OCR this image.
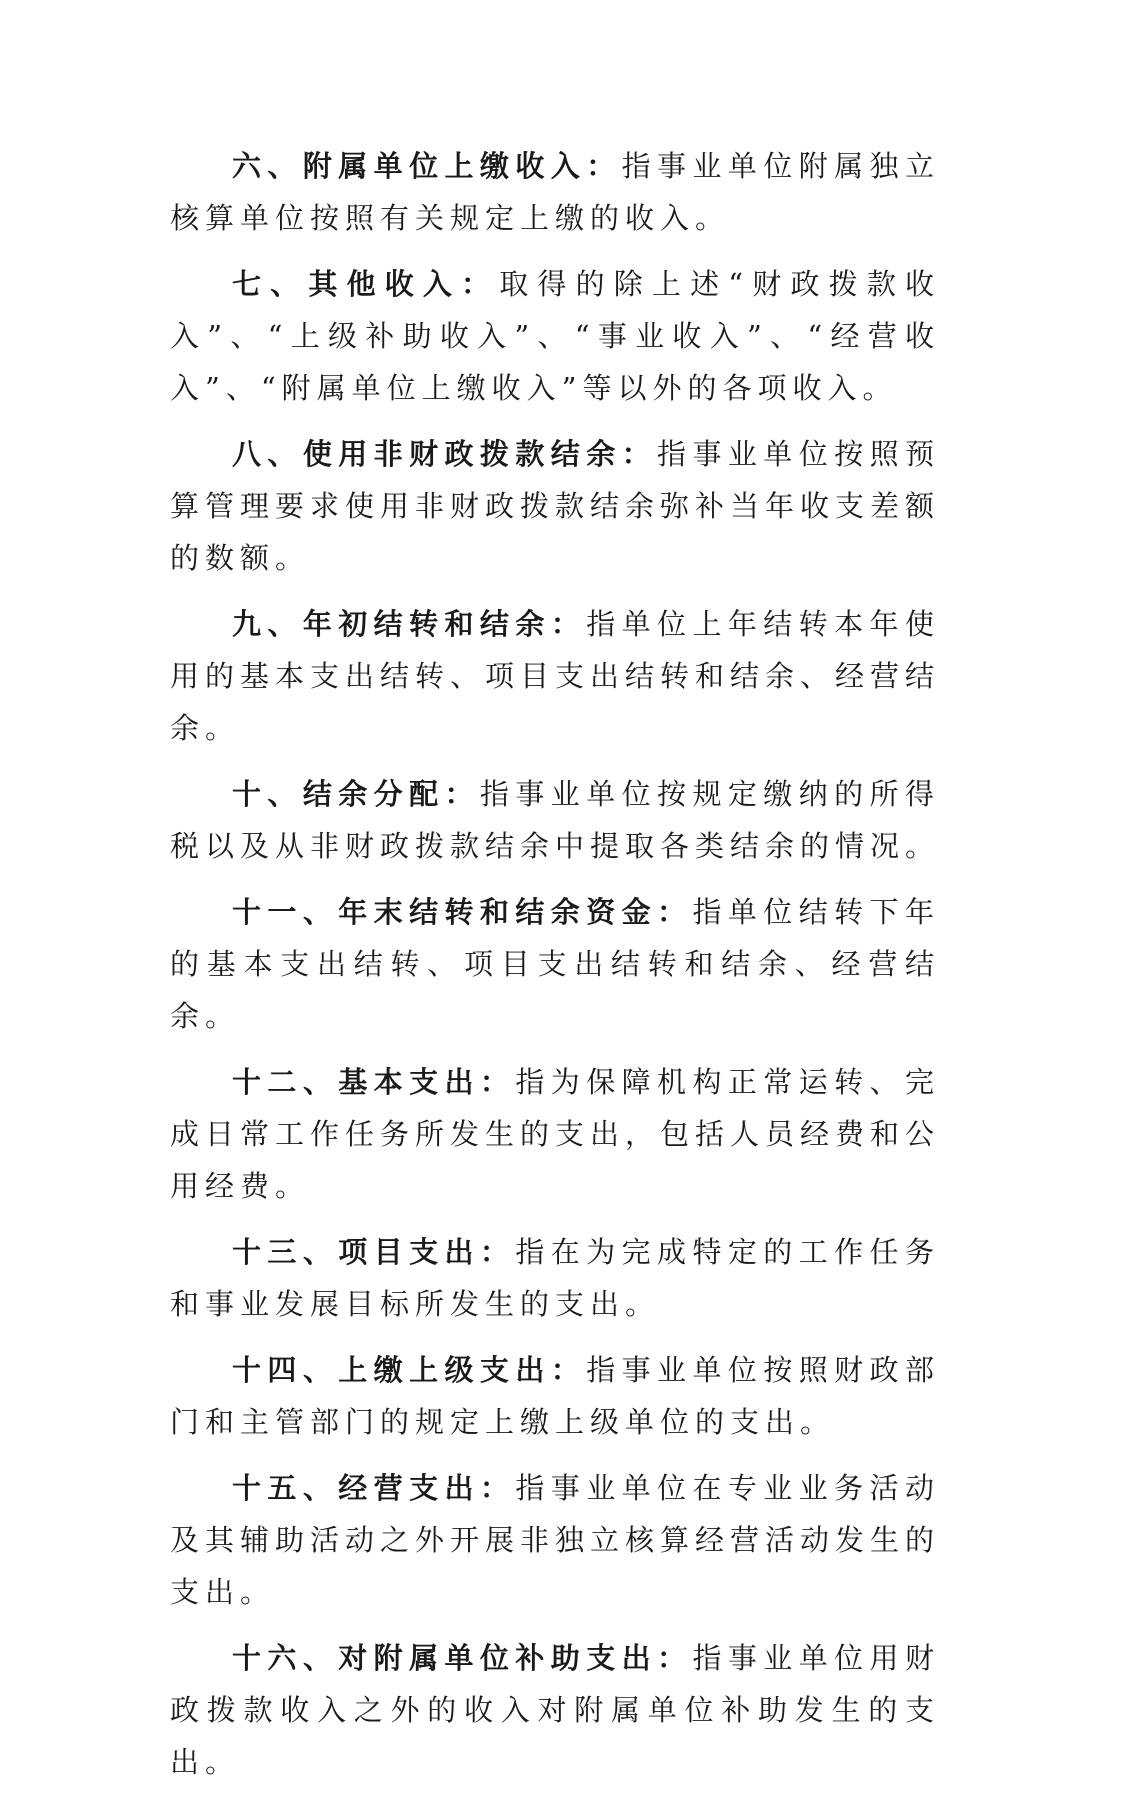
六、附属单位上缴收入：指事业单位附属独立核算单位按照有关规定上缴的收入。

七、其他收入：取得的除上述“财政拨款收入”、“上级补助收入”、“事业收入”、“经营收入”、“附属单位上缴收入”等以外的各项收入。

八、使用非财政拨款结余：指事业单位按照预算管理要求使用非财政拨款结余弥补当年收支差额的数额。

九、年初结转和结余：指单位上年结转本年使用的基本支出结转、项目支出结转和结余、经营结余。

十、结余分配：指事业单位按规定缴纳的所得税以及从非财政拨款结余中提取各类结余的情况。

十一、年末结转和结余资金：指单位结转下年的基本支出结转、项目支出结转和结余、经营结余。

十二、基本支出：指为保障机构正常运转、完成日常工作任务所发生的支出，包括人员经费和公用经费。

十三、项目支出：指在为完成特定的工作任务和事业发展目标所发生的支出。

十四、上缴上级支出：指事业单位按照财政部门和主管部门的规定上缴上级单位的支出。

十五、经营支出：指事业单位在专业业务活动及其辅助活动之外开展非独立核算经营活动发生的支出。

十六、对附属单位补助支出：指事业单位用财政拨款收入之外的收入对附属单位补助发生的支出。
